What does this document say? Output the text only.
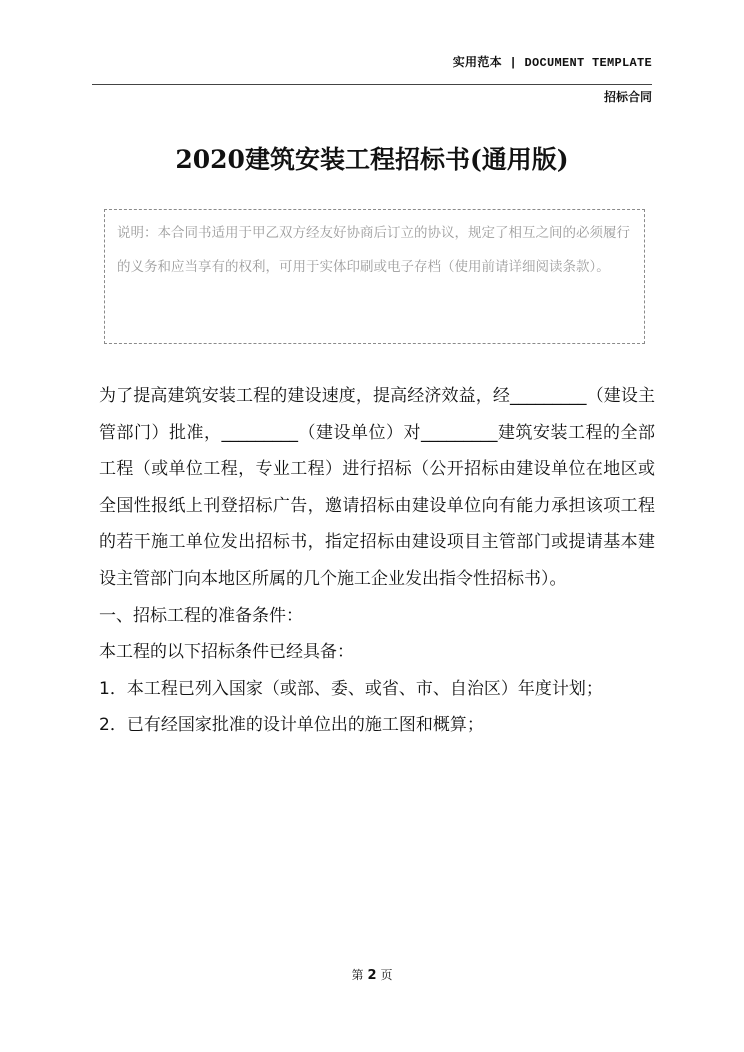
实用范本 | DOCUMENT TEMPLATE
招标合同
2020建筑安装工程招标书(通用版)
说明：本合同书适用于甲乙双方经友好协商后订立的协议，规定了相互之间的必须履行的义务和应当享有的权利，可用于实体印刷或电子存档（使用前请详细阅读条款）。

为了提高建筑安装工程的建设速度，提高经济效益，经_________（建设主管部门）批准，_________（建设单位）对_________建筑安装工程的全部工程（或单位工程，专业工程）进行招标（公开招标由建设单位在地区或全国性报纸上刊登招标广告，邀请招标由建设单位向有能力承担该项工程的若干施工单位发出招标书，指定招标由建设项目主管部门或提请基本建设主管部门向本地区所属的几个施工企业发出指令性招标书）。

一、招标工程的准备条件：

本工程的以下招标条件已经具备：

1．本工程已列入国家（或部、委、或省、市、自治区）年度计划；

2．已有经国家批准的设计单位出的施工图和概算；

第 2 页
